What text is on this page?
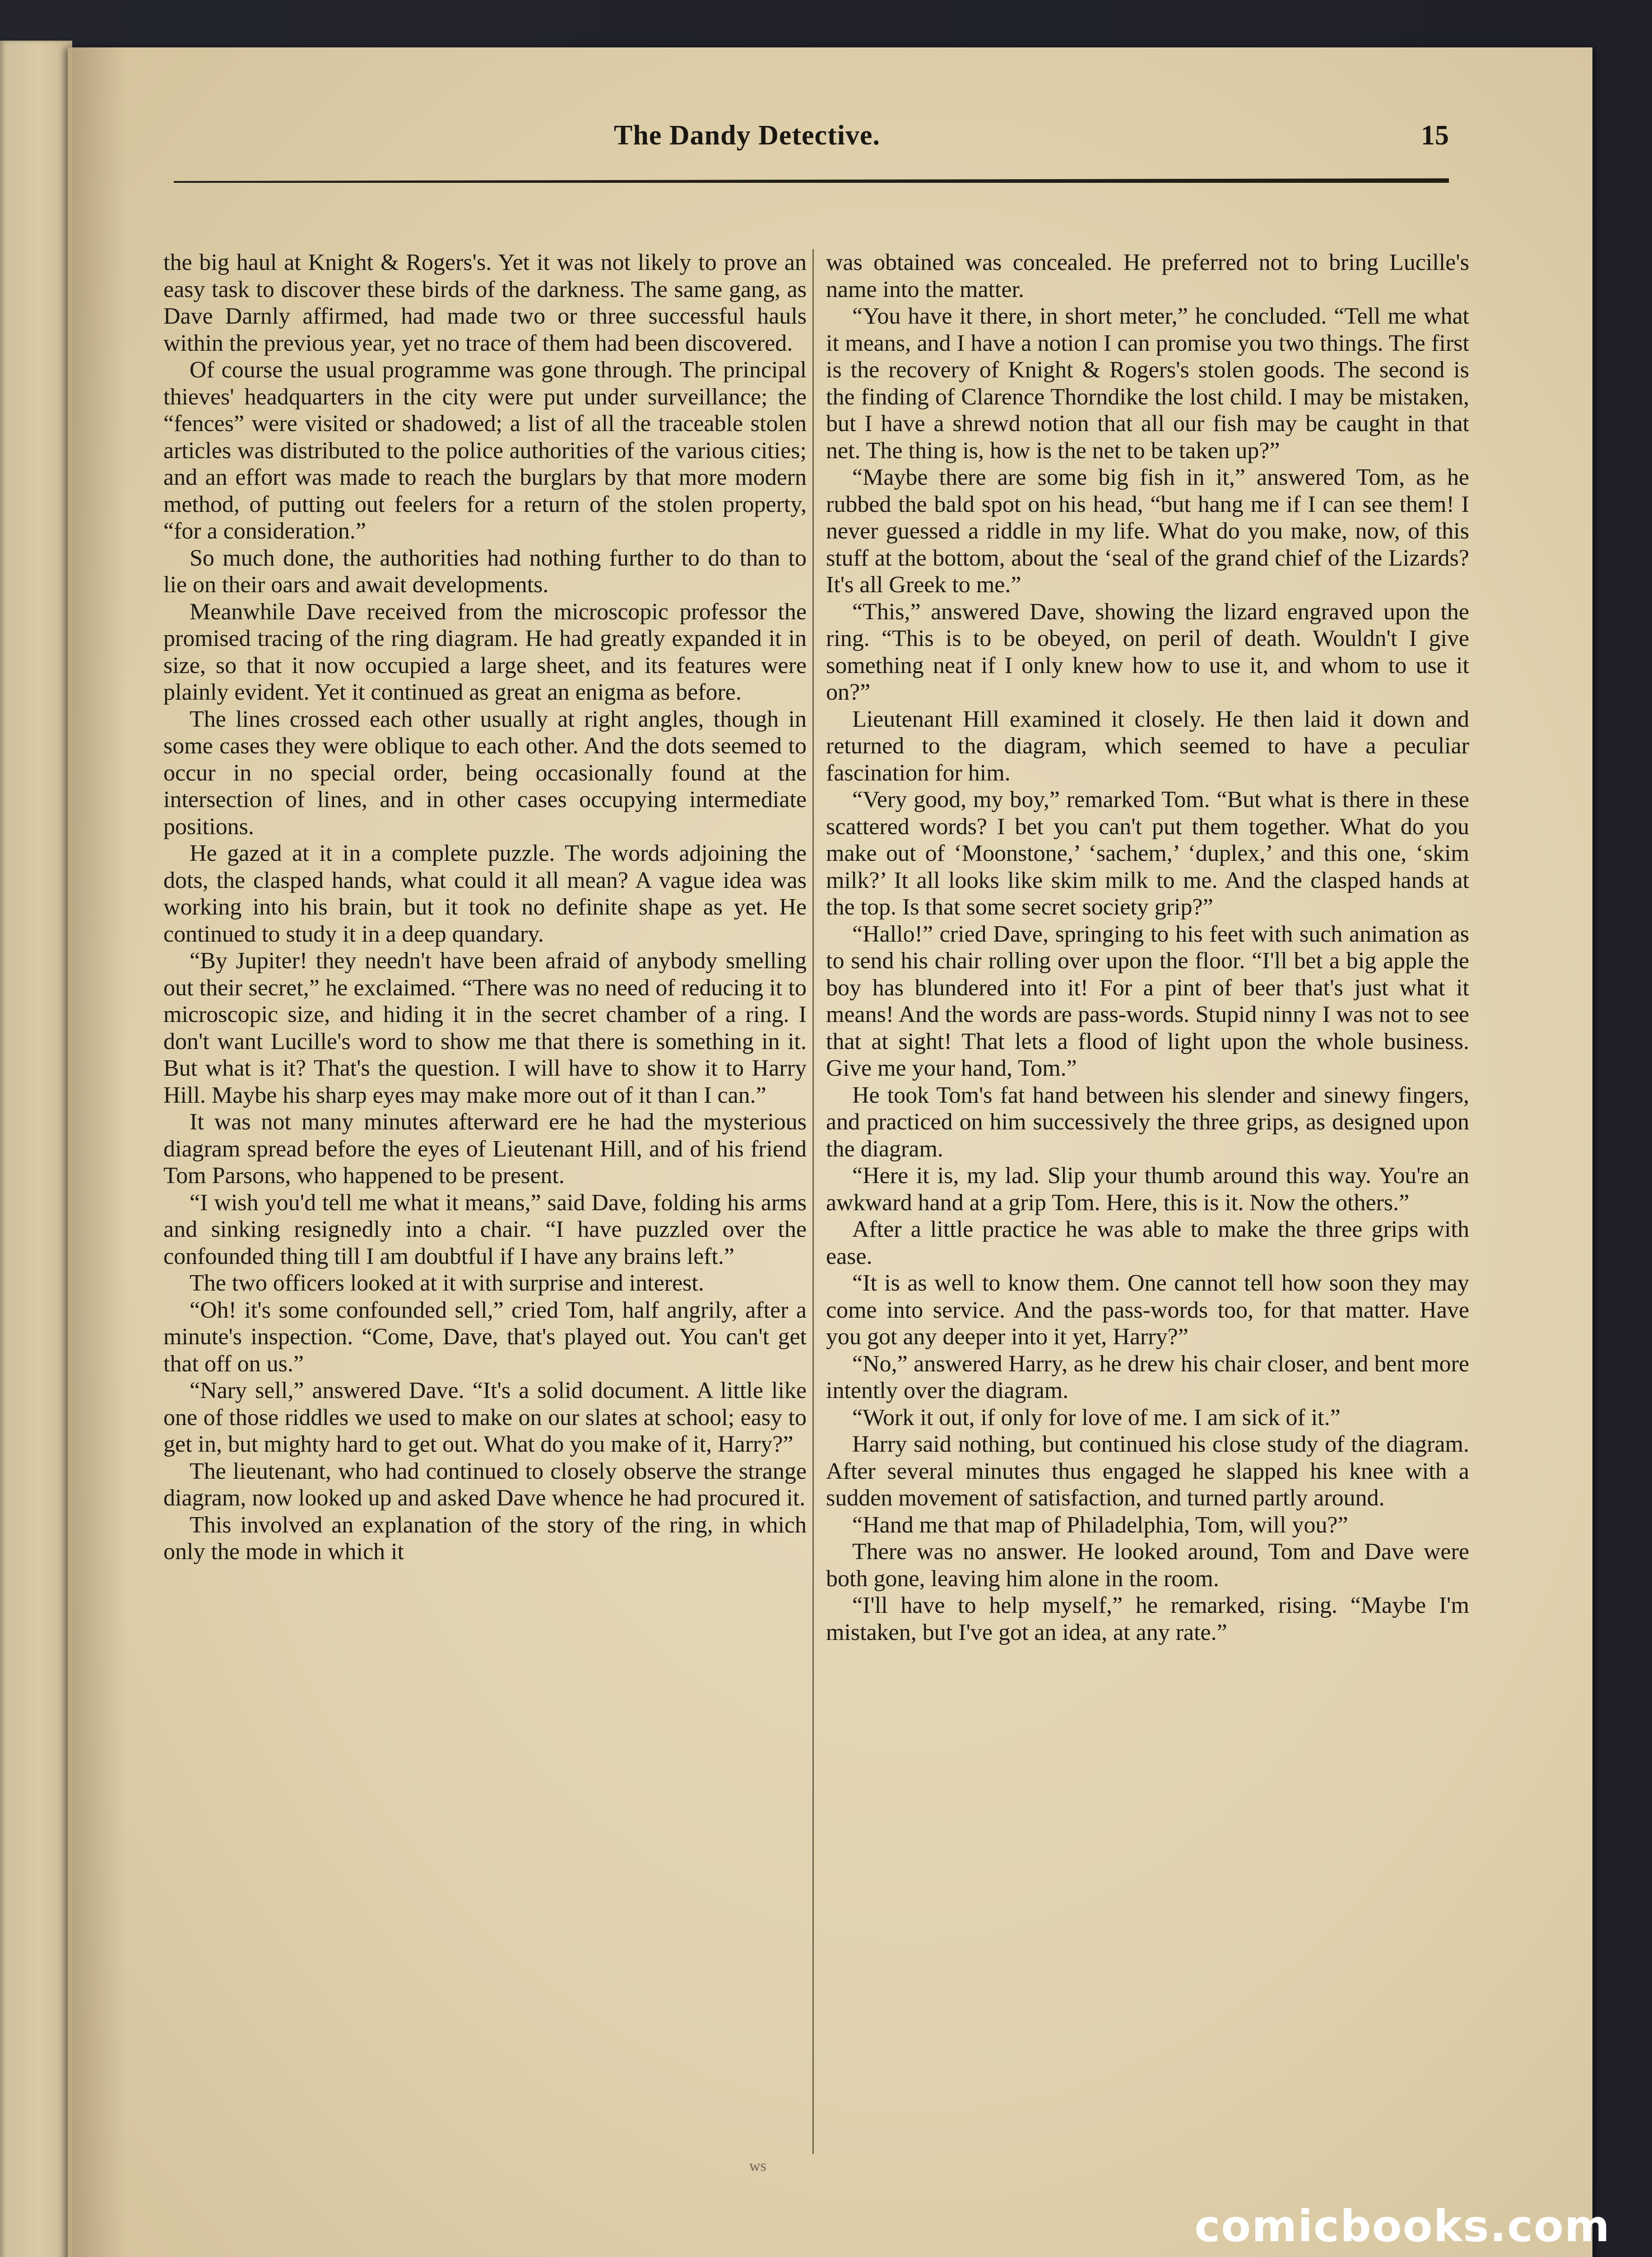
The Dandy Detective.	15

the big haul at Knight & Rogers's. Yet it was not likely to prove an easy task to discover these birds of the darkness. The same gang, as Dave Darnly affirmed, had made two or three successful hauls within the previous year, yet no trace of them had been discovered.

Of course the usual programme was gone through. The principal thieves' headquarters in the city were put under surveillance; the “fences” were visited or shadowed; a list of all the traceable stolen articles was distributed to the police authorities of the various cities; and an effort was made to reach the burglars by that more modern method, of putting out feelers for a return of the stolen property, “for a consideration.”

So much done, the authorities had nothing further to do than to lie on their oars and await developments.

Meanwhile Dave received from the microscopic professor the promised tracing of the ring diagram. He had greatly expanded it in size, so that it now occupied a large sheet, and its features were plainly evident. Yet it continued as great an enigma as before.

The lines crossed each other usually at right angles, though in some cases they were oblique to each other. And the dots seemed to occur in no special order, being occasionally found at the intersection of lines, and in other cases occupying intermediate positions.

He gazed at it in a complete puzzle. The words adjoining the dots, the clasped hands, what could it all mean? A vague idea was working into his brain, but it took no definite shape as yet. He continued to study it in a deep quandary.

“By Jupiter! they needn't have been afraid of anybody smelling out their secret,” he exclaimed. “There was no need of reducing it to microscopic size, and hiding it in the secret chamber of a ring. I don't want Lucille's word to show me that there is something in it. But what is it? That's the question. I will have to show it to Harry Hill. Maybe his sharp eyes may make more out of it than I can.”

It was not many minutes afterward ere he had the mysterious diagram spread before the eyes of Lieutenant Hill, and of his friend Tom Parsons, who happened to be present.

“I wish you'd tell me what it means,” said Dave, folding his arms and sinking resignedly into a chair. “I have puzzled over the confounded thing till I am doubtful if I have any brains left.”

The two officers looked at it with surprise and interest.

“Oh! it's some confounded sell,” cried Tom, half angrily, after a minute's inspection. “Come, Dave, that's played out. You can't get that off on us.”

“Nary sell,” answered Dave. “It's a solid document. A little like one of those riddles we used to make on our slates at school; easy to get in, but mighty hard to get out. What do you make of it, Harry?”

The lieutenant, who had continued to closely observe the strange diagram, now looked up and asked Dave whence he had procured it.

This involved an explanation of the story of the ring, in which only the mode in which it

was obtained was concealed. He preferred not to bring Lucille's name into the matter.

“You have it there, in short meter,” he concluded. “Tell me what it means, and I have a notion I can promise you two things. The first is the recovery of Knight & Rogers's stolen goods. The second is the finding of Clarence Thorndike the lost child. I may be mistaken, but I have a shrewd notion that all our fish may be caught in that net. The thing is, how is the net to be taken up?”

“Maybe there are some big fish in it,” answered Tom, as he rubbed the bald spot on his head, “but hang me if I can see them! I never guessed a riddle in my life. What do you make, now, of this stuff at the bottom, about the ‘seal of the grand chief of the Lizards? It's all Greek to me.”

“This,” answered Dave, showing the lizard engraved upon the ring. “This is to be obeyed, on peril of death. Wouldn't I give something neat if I only knew how to use it, and whom to use it on?”

Lieutenant Hill examined it closely. He then laid it down and returned to the diagram, which seemed to have a peculiar fascination for him.

“Very good, my boy,” remarked Tom. “But what is there in these scattered words? I bet you can't put them together. What do you make out of ‘Moonstone,’ ‘sachem,’ ‘duplex,’ and this one, ‘skim milk?’ It all looks like skim milk to me. And the clasped hands at the top. Is that some secret society grip?”

“Hallo!” cried Dave, springing to his feet with such animation as to send his chair rolling over upon the floor. “I'll bet a big apple the boy has blundered into it! For a pint of beer that's just what it means! And the words are pass-words. Stupid ninny I was not to see that at sight! That lets a flood of light upon the whole business. Give me your hand, Tom.”

He took Tom's fat hand between his slender and sinewy fingers, and practiced on him successively the three grips, as designed upon the diagram.

“Here it is, my lad. Slip your thumb around this way. You're an awkward hand at a grip Tom. Here, this is it. Now the others.”

After a little practice he was able to make the three grips with ease.

“It is as well to know them. One cannot tell how soon they may come into service. And the pass-words too, for that matter. Have you got any deeper into it yet, Harry?”

“No,” answered Harry, as he drew his chair closer, and bent more intently over the diagram.

“Work it out, if only for love of me. I am sick of it.”

Harry said nothing, but continued his close study of the diagram. After several minutes thus engaged he slapped his knee with a sudden movement of satisfaction, and turned partly around.

“Hand me that map of Philadelphia, Tom, will you?”

There was no answer. He looked around, Tom and Dave were both gone, leaving him alone in the room.

“I'll have to help myself,” he remarked, rising. “Maybe I'm mistaken, but I've got an idea, at any rate.”

ws
comicbooks.com
